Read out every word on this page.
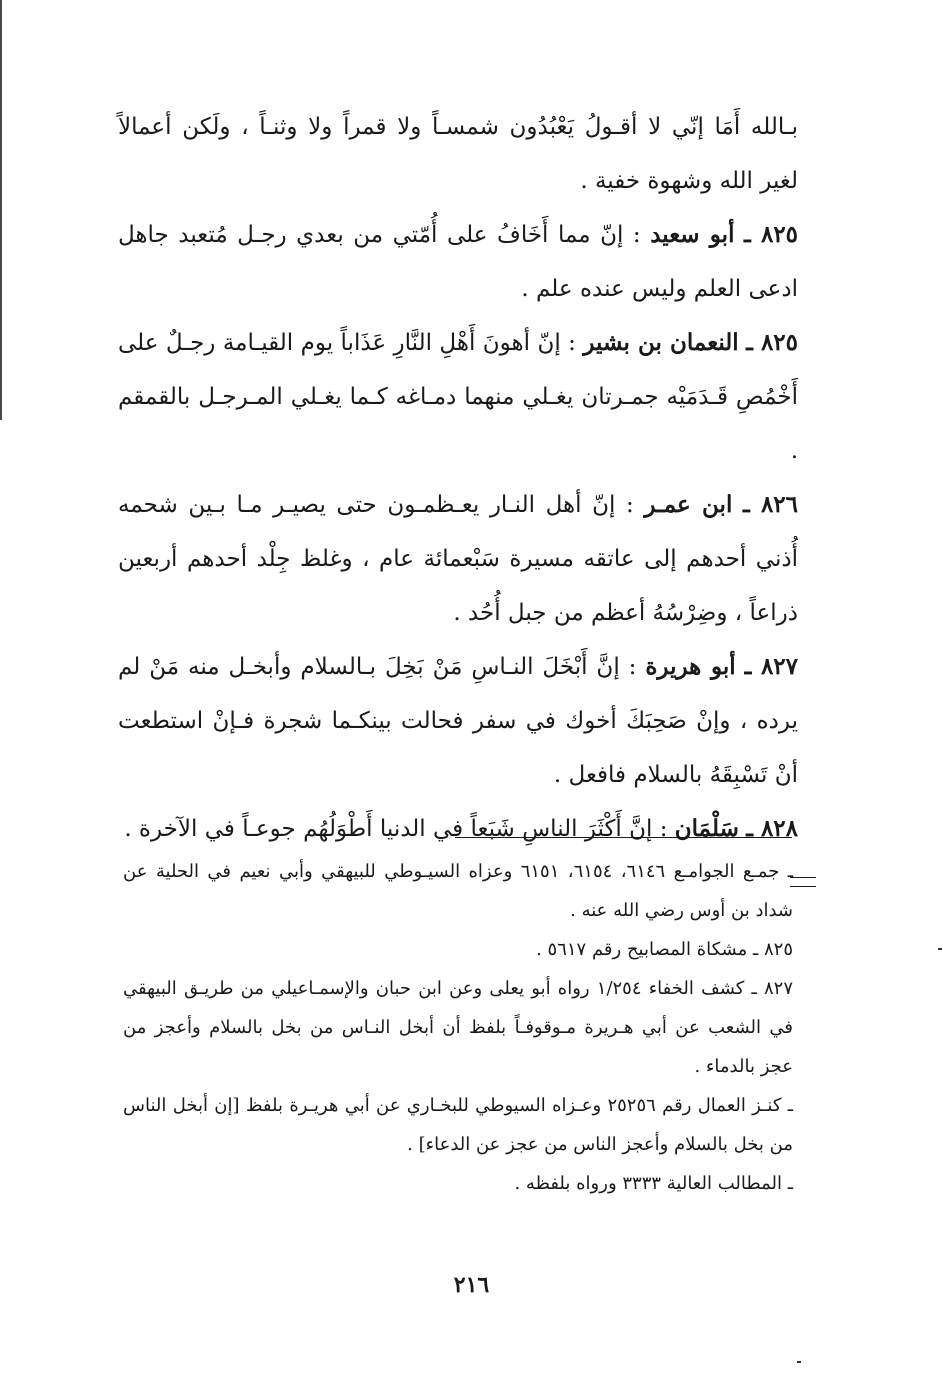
بـالله أَمَا إنّي لا أقـولُ يَعْبُدُون شمسـاً ولا قمراً ولا وثنـاً ، ولَكن أعمالاً لغير الله وشهوة خفية .

٨٢٥ ـ أبو سعيد : إنّ مما أَخَافُ على أُمّتي من بعدي رجـل مُتعبد جاهل ادعى العلم وليس عنده علم .

٨٢٥ ـ النعمان بن بشير : إنّ أهونَ أَهْلِ النَّارِ عَذَاباً يوم القيـامة رجـلٌ على أَخْمُصِ قَـدَمَيْه جمـرتان يغـلي منهما دمـاغه كـما يغـلي المـرجـل بالقمقم .

٨٢٦ ـ ابن عمـر : إنّ أهل النـار يعـظمـون حتى يصيـر مـا بـين شحمه أُذني أحدهم إلى عاتقه مسيرة سَبْعمائة عام ، وغلظ جِلْد أحدهم أربعين ذراعاً ، وضِرْسُهُ أعظم من جبل أُحُد .

٨٢٧ ـ أبو هريرة : إنَّ أَبْخَلَ النـاسِ مَنْ بَخِلَ بـالسلام وأبخـل منه مَنْ لم يرده ، وإنْ صَحِبَكَ أخوك في سفر فحالت بينكـما شجرة فـإنْ استطعت أنْ تَسْبِقَهُ بالسلام فافعل .

٨٢٨ ـ سَلْمَان : إنَّ أَكْثَرَ الناسِ شَبَعاً في الدنيا أَطْوَلُهُم جوعـاً في الآخرة .

ـ جمـع الجوامـع ٦١٤٦، ٦١٥٤، ٦١٥١ وعزاه السيـوطي للبيهقي وأبي نعيم في الحلية عن شداد بن أوس رضي الله عنه .

٨٢٥ ـ مشكاة المصابيح رقم ٥٦١٧ .

٨٢٧ ـ كشف الخفاء ١/٢٥٤ رواه أبو يعلى وعن ابن حبان والإسمـاعيلي من طريـق البيهقي في الشعب عن أبي هـريرة مـوقوفـاً بلفظ أن أبخل النـاس من بخل بالسلام وأعجز من عجز بالدماء .

ـ كنـز العمال رقم ٢٥٢٥٦ وعـزاه السيوطي للبخـاري عن أبي هريـرة بلفظ [إن أبخل الناس من بخل بالسلام وأعجز الناس من عجز عن الدعاء] .

ـ المطالب العالية ٣٣٣٣ ورواه بلفظه .

٢١٦
